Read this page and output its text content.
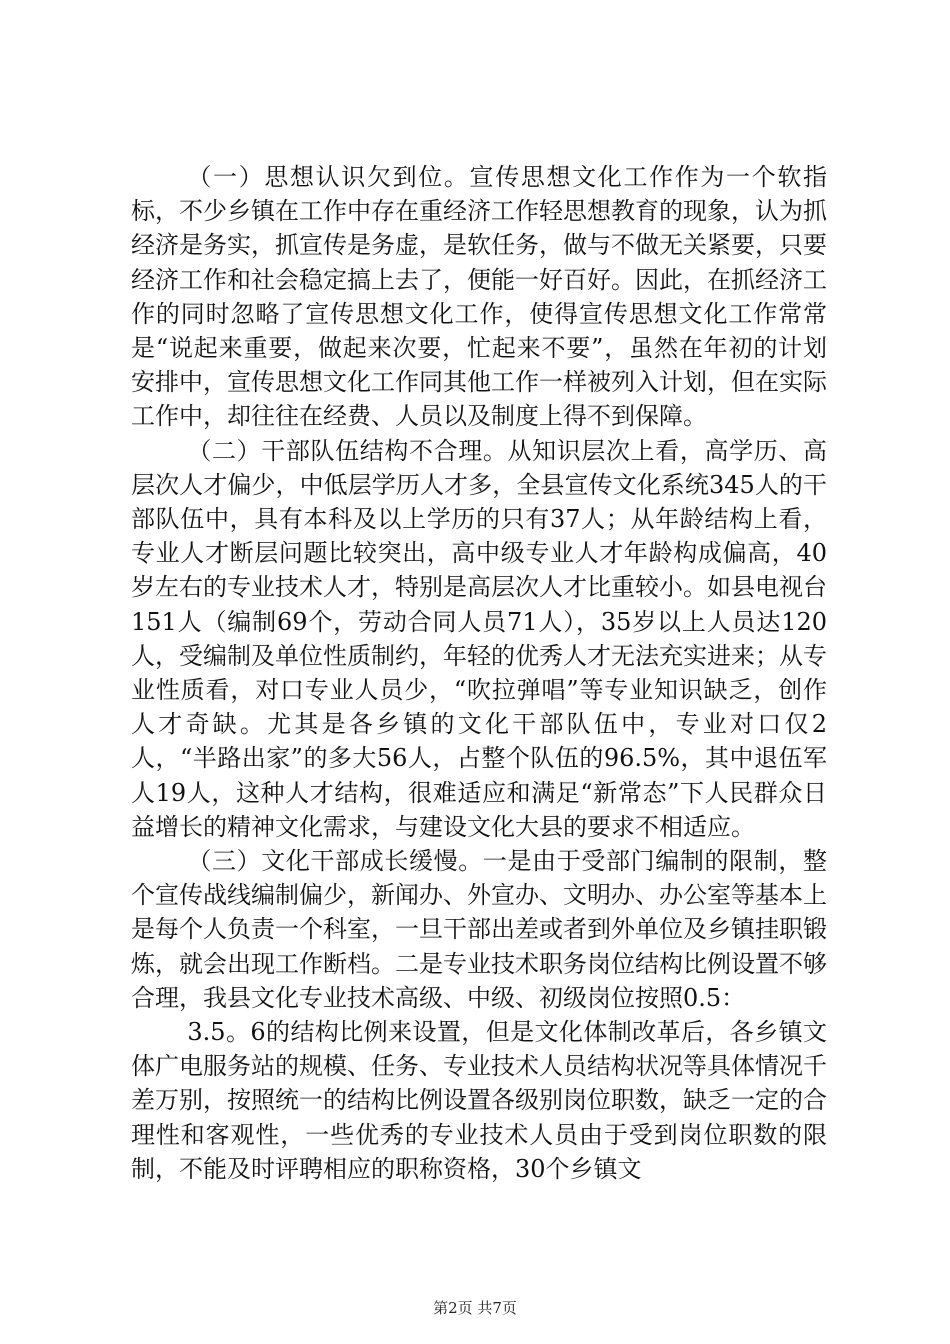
（一）思想认识欠到位。宣传思想文化工作作为一个软指标，不少乡镇在工作中存在重经济工作轻思想教育的现象，认为抓经济是务实，抓宣传是务虚，是软任务，做与不做无关紧要，只要经济工作和社会稳定搞上去了，便能一好百好。因此，在抓经济工作的同时忽略了宣传思想文化工作，使得宣传思想文化工作常常是“说起来重要，做起来次要，忙起来不要”，虽然在年初的计划安排中，宣传思想文化工作同其他工作一样被列入计划，但在实际工作中，却往往在经费、人员以及制度上得不到保障。

（二）干部队伍结构不合理。从知识层次上看，高学历、高层次人才偏少，中低层学历人才多，全县宣传文化系统345人的干部队伍中，具有本科及以上学历的只有37人；从年龄结构上看，专业人才断层问题比较突出，高中级专业人才年龄构成偏高，40岁左右的专业技术人才，特别是高层次人才比重较小。如县电视台151人（编制69个，劳动合同人员71人），35岁以上人员达120人，受编制及单位性质制约，年轻的优秀人才无法充实进来；从专业性质看，对口专业人员少，“吹拉弹唱”等专业知识缺乏，创作人才奇缺。尤其是各乡镇的文化干部队伍中，专业对口仅2人，“半路出家”的多大56人，占整个队伍的96.5%，其中退伍军人19人，这种人才结构，很难适应和满足“新常态”下人民群众日益增长的精神文化需求，与建设文化大县的要求不相适应。

（三）文化干部成长缓慢。一是由于受部门编制的限制，整个宣传战线编制偏少，新闻办、外宣办、文明办、办公室等基本上是每个人负责一个科室，一旦干部出差或者到外单位及乡镇挂职锻炼，就会出现工作断档。二是专业技术职务岗位结构比例设置不够合理，我县文化专业技术高级、中级、初级岗位按照0.5：

3.5。6的结构比例来设置，但是文化体制改革后，各乡镇文体广电服务站的规模、任务、专业技术人员结构状况等具体情况千差万别，按照统一的结构比例设置各级别岗位职数，缺乏一定的合理性和客观性，一些优秀的专业技术人员由于受到岗位职数的限制，不能及时评聘相应的职称资格，30个乡镇文

第2页 共7页
